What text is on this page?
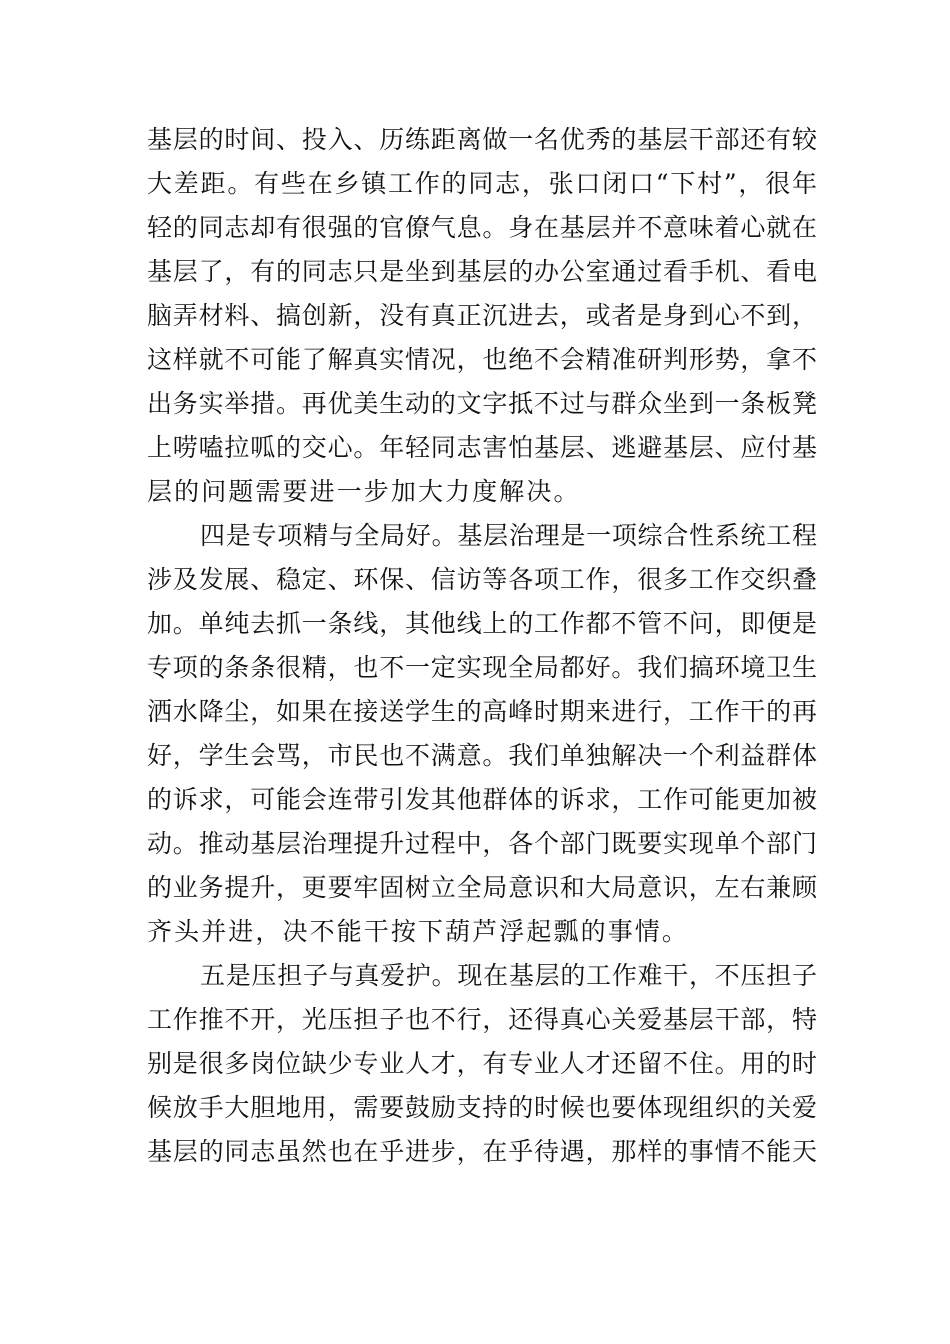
基层的时间、投入、历练距离做一名优秀的基层干部还有较
大差距。有些在乡镇工作的同志，张口闭口“下村”，很年
轻的同志却有很强的官僚气息。身在基层并不意味着心就在
基层了，有的同志只是坐到基层的办公室通过看手机、看电
脑弄材料、搞创新，没有真正沉进去，或者是身到心不到，
这样就不可能了解真实情况，也绝不会精准研判形势，拿不
出务实举措。再优美生动的文字抵不过与群众坐到一条板凳
上唠嗑拉呱的交心。年轻同志害怕基层、逃避基层、应付基
层的问题需要进一步加大力度解决。
四是专项精与全局好。基层治理是一项综合性系统工程
涉及发展、稳定、环保、信访等各项工作，很多工作交织叠
加。单纯去抓一条线，其他线上的工作都不管不问，即便是
专项的条条很精，也不一定实现全局都好。我们搞环境卫生
洒水降尘，如果在接送学生的高峰时期来进行，工作干的再
好，学生会骂，市民也不满意。我们单独解决一个利益群体
的诉求，可能会连带引发其他群体的诉求，工作可能更加被
动。推动基层治理提升过程中，各个部门既要实现单个部门
的业务提升，更要牢固树立全局意识和大局意识，左右兼顾
齐头并进，决不能干按下葫芦浮起瓢的事情。
五是压担子与真爱护。现在基层的工作难干，不压担子
工作推不开，光压担子也不行，还得真心关爱基层干部，特
别是很多岗位缺少专业人才，有专业人才还留不住。用的时
候放手大胆地用，需要鼓励支持的时候也要体现组织的关爱
基层的同志虽然也在乎进步，在乎待遇，那样的事情不能天
